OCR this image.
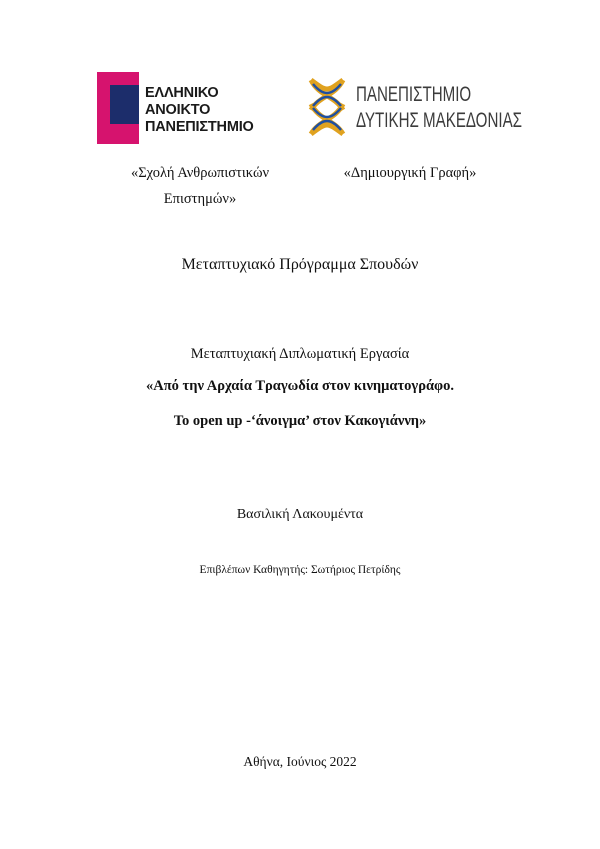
ΕΛΛΗΝΙΚΟ
ΑΝΟΙΚΤΟ
ΠΑΝΕΠΙΣΤΗΜΙΟ
ΠΑΝΕΠΙΣΤΗΜΙΟ
ΔΥΤΙΚΗΣ ΜΑΚΕΔΟΝΙΑΣ
«Σχολή Ανθρωπιστικών
Επιστημών»
«Δημιουργική Γραφή»
Μεταπτυχιακό Πρόγραμμα Σπουδών
Μεταπτυχιακή Διπλωματική Εργασία
«Από την Αρχαία Τραγωδία στον κινηματογράφο.
Το open up -‘άνοιγμα’ στον Κακογιάννη»
Βασιλική Λακουμέντα
Επιβλέπων Καθηγητής: Σωτήριος Πετρίδης
Αθήνα, Ιούνιος 2022
